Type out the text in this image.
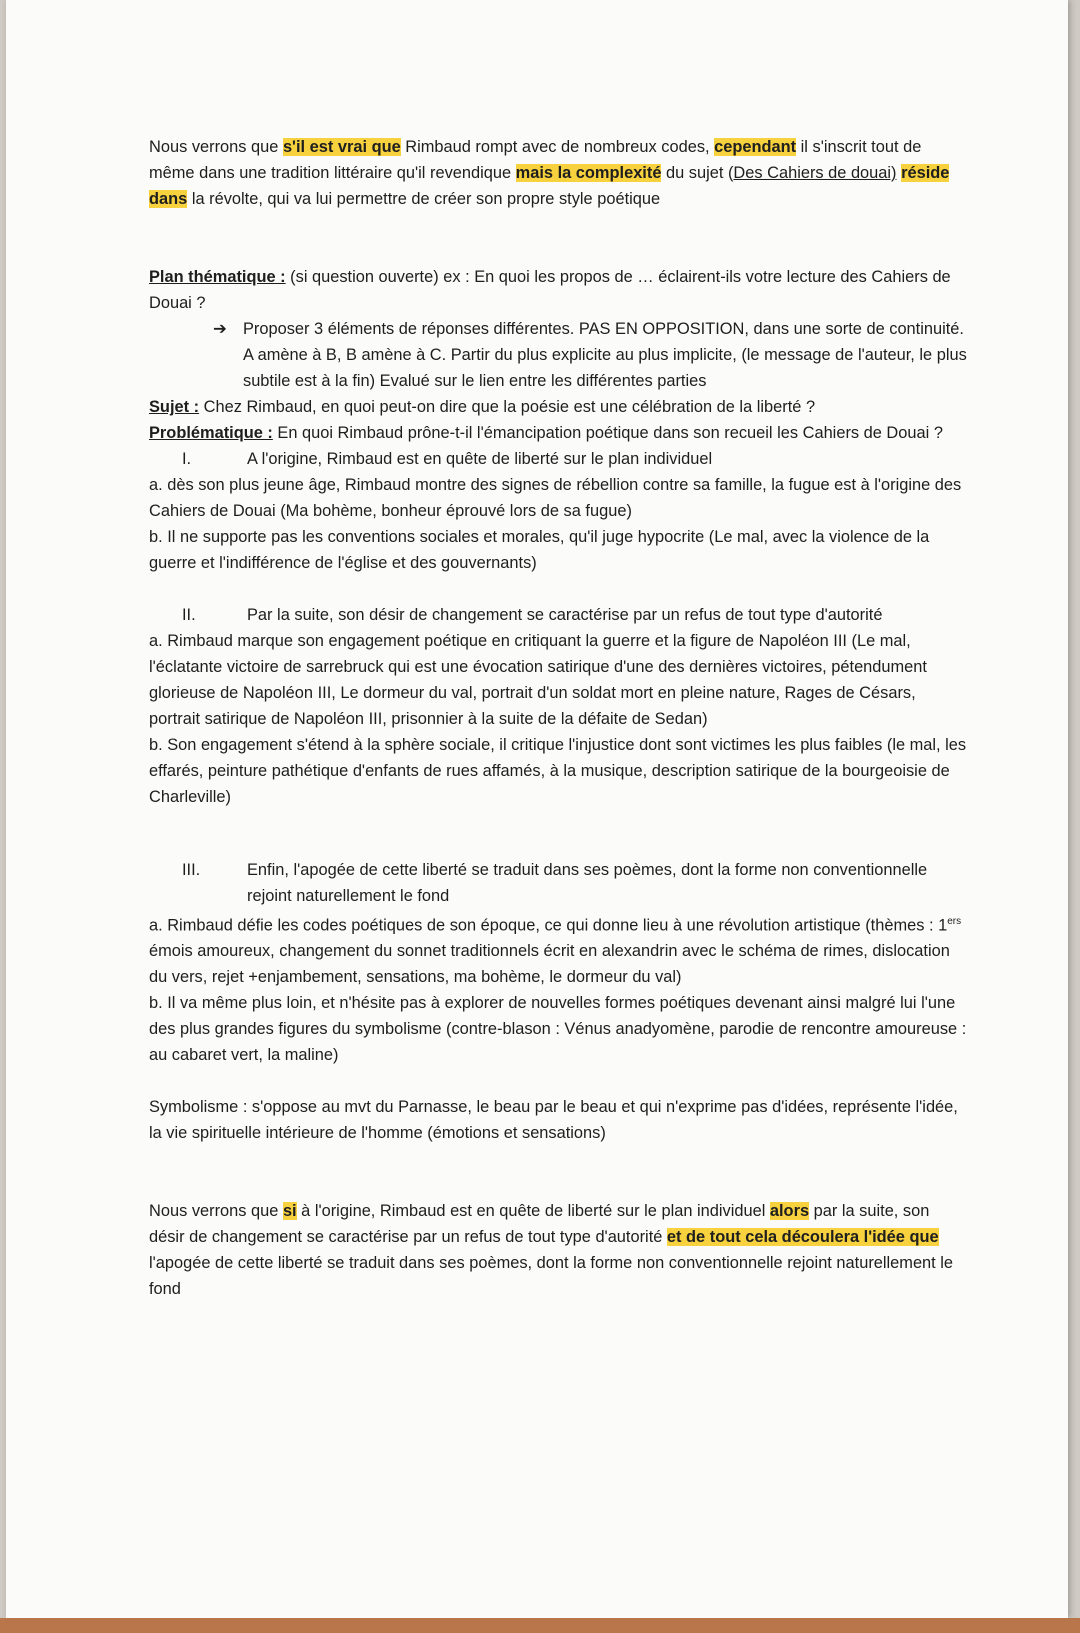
Nous verrons que s'il est vrai que Rimbaud rompt avec de nombreux codes, cependant il s'inscrit tout de même dans une tradition littéraire qu'il revendique mais la complexité du sujet (Des Cahiers de douai) réside dans la révolte, qui va lui permettre de créer son propre style poétique

Plan thématique : (si question ouverte) ex : En quoi les propos de … éclairent-ils votre lecture des Cahiers de Douai ?

➔ Proposer 3 éléments de réponses différentes. PAS EN OPPOSITION, dans une sorte de continuité. A amène à B, B amène à C. Partir du plus explicite au plus implicite, (le message de l'auteur, le plus subtile est à la fin) Evalué sur le lien entre les différentes parties

Sujet : Chez Rimbaud, en quoi peut-on dire que la poésie est une célébration de la liberté ?

Problématique : En quoi Rimbaud prône-t-il l'émancipation poétique dans son recueil les Cahiers de Douai ?

I.	A l'origine, Rimbaud est en quête de liberté sur le plan individuel

a. dès son plus jeune âge, Rimbaud montre des signes de rébellion contre sa famille, la fugue est à l'origine des Cahiers de Douai (Ma bohème, bonheur éprouvé lors de sa fugue)

b. Il ne supporte pas les conventions sociales et morales, qu'il juge hypocrite (Le mal, avec la violence de la guerre et l'indifférence de l'église et des gouvernants)

II.	Par la suite, son désir de changement se caractérise par un refus de tout type d'autorité

a. Rimbaud marque son engagement poétique en critiquant la guerre et la figure de Napoléon III (Le mal, l'éclatante victoire de sarrebruck qui est une évocation satirique d'une des dernières victoires, pétendument glorieuse de Napoléon III, Le dormeur du val, portrait d'un soldat mort en pleine nature, Rages de Césars, portrait satirique de Napoléon III, prisonnier à la suite de la défaite de Sedan)

b. Son engagement s'étend à la sphère sociale, il critique l'injustice dont sont victimes les plus faibles (le mal, les effarés, peinture pathétique d'enfants de rues affamés, à la musique, description satirique de la bourgeoisie de Charleville)

III.	Enfin, l'apogée de cette liberté se traduit dans ses poèmes, dont la forme non conventionnelle rejoint naturellement le fond

a. Rimbaud défie les codes poétiques de son époque, ce qui donne lieu à une révolution artistique (thèmes : 1ers émois amoureux, changement du sonnet traditionnels écrit en alexandrin avec le schéma de rimes, dislocation du vers, rejet +enjambement, sensations, ma bohème, le dormeur du val)

b. Il va même plus loin, et n'hésite pas à explorer de nouvelles formes poétiques devenant ainsi malgré lui l'une des plus grandes figures du symbolisme (contre-blason : Vénus anadyomène, parodie de rencontre amoureuse : au cabaret vert, la maline)

Symbolisme : s'oppose au mvt du Parnasse, le beau par le beau et qui n'exprime pas d'idées, représente l'idée, la vie spirituelle intérieure de l'homme (émotions et sensations)

Nous verrons que si à l'origine, Rimbaud est en quête de liberté sur le plan individuel alors par la suite, son désir de changement se caractérise par un refus de tout type d'autorité et de tout cela découlera l'idée que l'apogée de cette liberté se traduit dans ses poèmes, dont la forme non conventionnelle rejoint naturellement le fond
